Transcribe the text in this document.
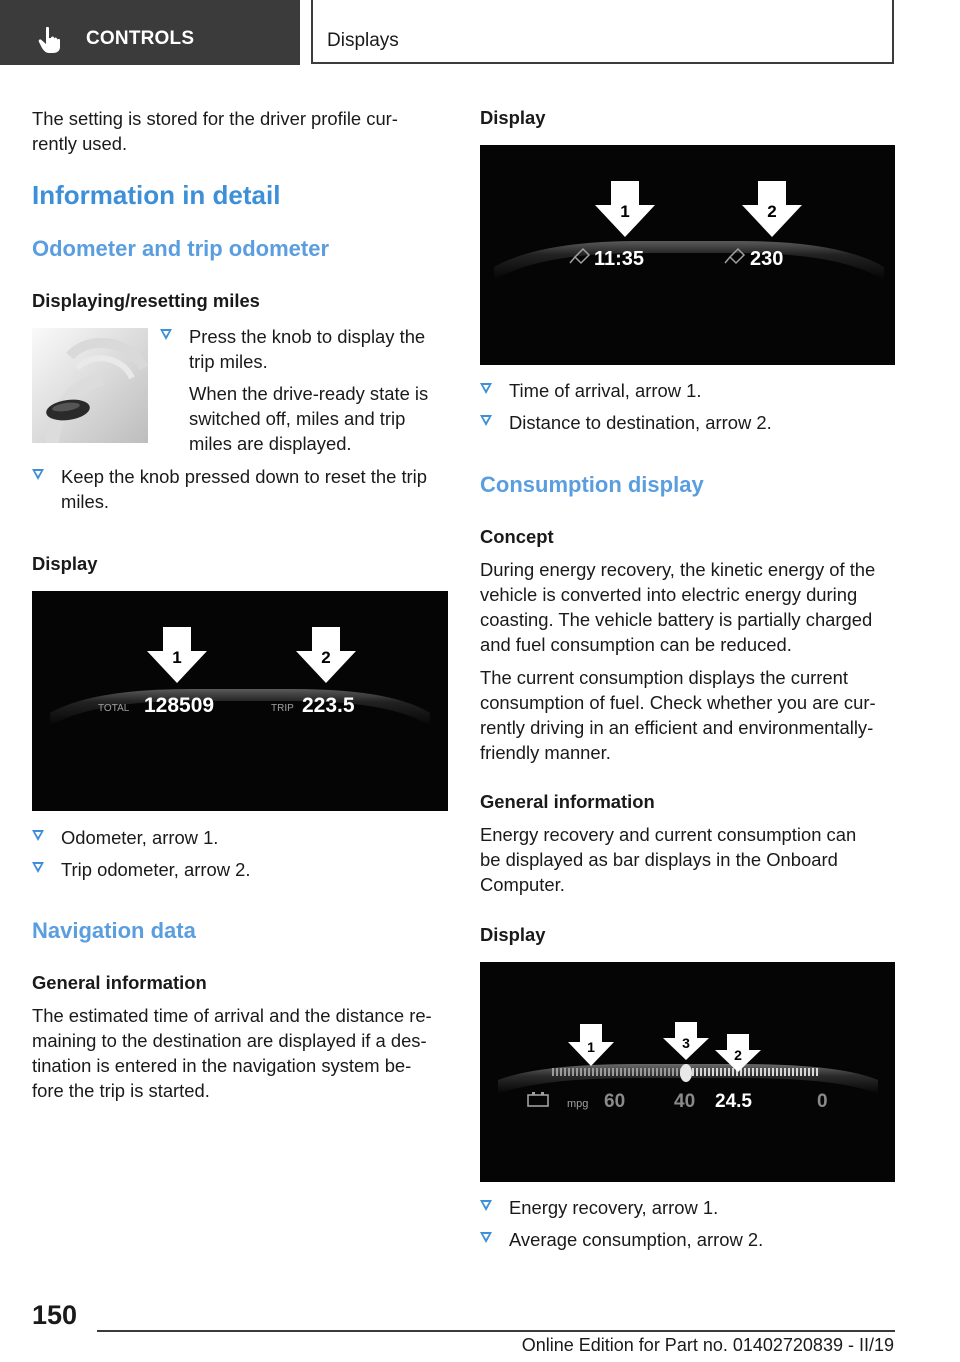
CONTROLS	Displays
The setting is stored for the driver profile cur-
rently used.
Information in detail
Odometer and trip odometer
Displaying/resetting miles
Press the knob to display the
trip miles.
When the drive-ready state is
switched off, miles and trip
miles are displayed.
Keep the knob pressed down to reset the trip
miles.
Display
1	2
TOTAL 128509	TRIP 223.5
Odometer, arrow 1.
Trip odometer, arrow 2.
Navigation data
General information
The estimated time of arrival and the distance re-
maining to the destination are displayed if a des-
tination is entered in the navigation system be-
fore the trip is started.
Display
1	2
11:35	230
Time of arrival, arrow 1.
Distance to destination, arrow 2.
Consumption display
Concept
During energy recovery, the kinetic energy of the
vehicle is converted into electric energy during
coasting. The vehicle battery is partially charged
and fuel consumption can be reduced.
The current consumption displays the current
consumption of fuel. Check whether you are cur-
rently driving in an efficient and environmentally-
friendly manner.
General information
Energy recovery and current consumption can
be displayed as bar displays in the Onboard
Computer.
Display
1	3
2
mpg 60	40 24.5	0
Energy recovery, arrow 1.
Average consumption, arrow 2.
150
Online Edition for Part no. 01402720839 - II/19
